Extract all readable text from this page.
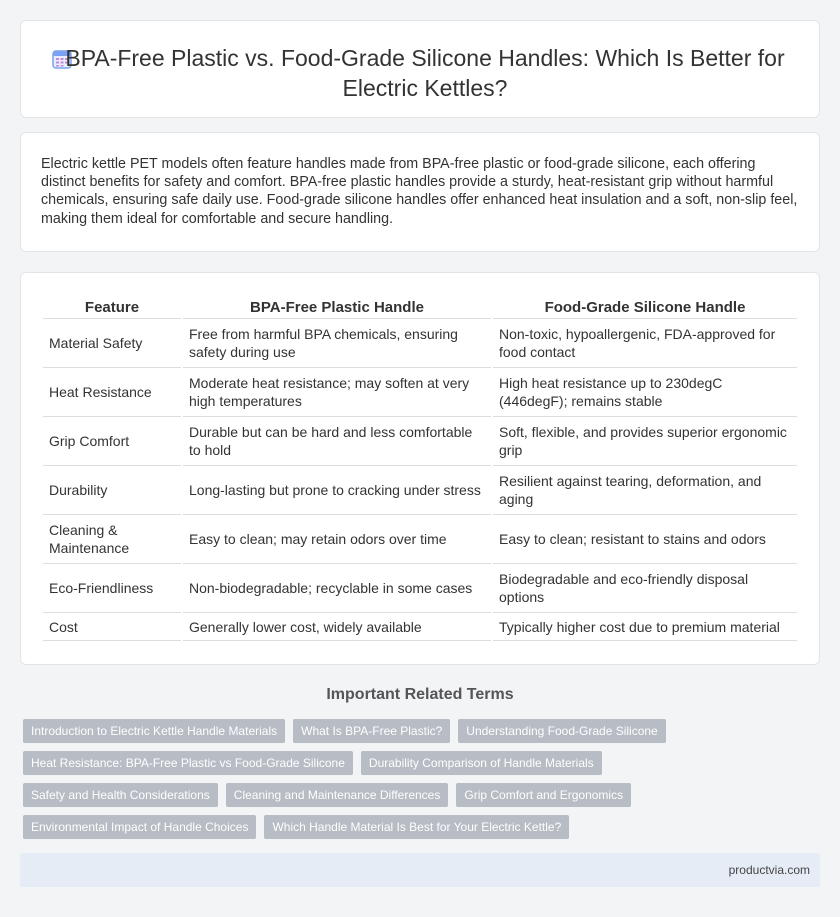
BPA-Free Plastic vs. Food-Grade Silicone Handles: Which Is Better for Electric Kettles?

Electric kettle PET models often feature handles made from BPA-free plastic or food-grade silicone, each offering distinct benefits for safety and comfort. BPA-free plastic handles provide a sturdy, heat-resistant grip without harmful chemicals, ensuring safe daily use. Food-grade silicone handles offer enhanced heat insulation and a soft, non-slip feel, making them ideal for comfortable and secure handling.

Feature	BPA-Free Plastic Handle	Food-Grade Silicone Handle
Material Safety	Free from harmful BPA chemicals, ensuring safety during use	Non-toxic, hypoallergenic, FDA-approved for food contact
Heat Resistance	Moderate heat resistance; may soften at very high temperatures	High heat resistance up to 230degC (446degF); remains stable
Grip Comfort	Durable but can be hard and less comfortable to hold	Soft, flexible, and provides superior ergonomic grip
Durability	Long-lasting but prone to cracking under stress	Resilient against tearing, deformation, and aging
Cleaning & Maintenance	Easy to clean; may retain odors over time	Easy to clean; resistant to stains and odors
Eco-Friendliness	Non-biodegradable; recyclable in some cases	Biodegradable and eco-friendly disposal options
Cost	Generally lower cost, widely available	Typically higher cost due to premium material
Important Related Terms
Introduction to Electric Kettle Handle Materials	What Is BPA-Free Plastic?	Understanding Food-Grade Silicone
Heat Resistance: BPA-Free Plastic vs Food-Grade Silicone	Durability Comparison of Handle Materials
Safety and Health Considerations	Cleaning and Maintenance Differences	Grip Comfort and Ergonomics
Environmental Impact of Handle Choices	Which Handle Material Is Best for Your Electric Kettle?
productvia.com
